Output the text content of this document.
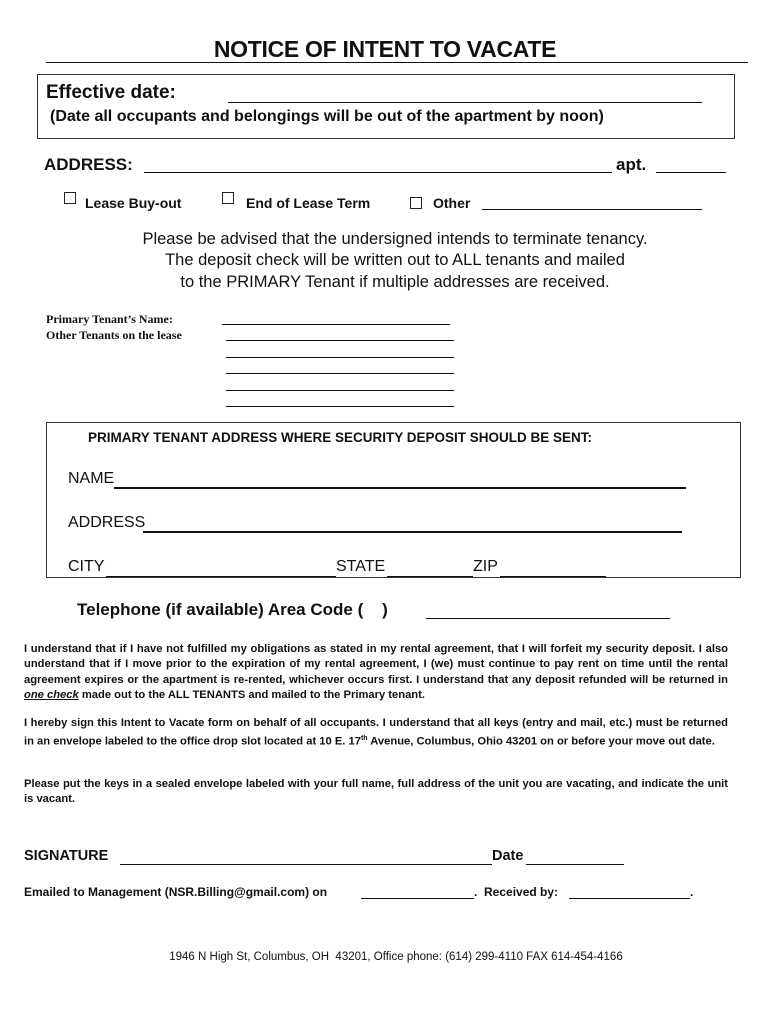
NOTICE OF INTENT TO VACATE
Effective date:
(Date all occupants and belongings will be out of the apartment by noon)
ADDRESS:	apt.
Lease Buy-out	End of Lease Term	Other
Please be advised that the undersigned intends to terminate tenancy.
The deposit check will be written out to ALL tenants and mailed
to the PRIMARY Tenant if multiple addresses are received.
Primary Tenant’s Name:
Other Tenants on the lease
PRIMARY TENANT ADDRESS WHERE SECURITY DEPOSIT SHOULD BE SENT:
NAME
ADDRESS
CITY	STATE	ZIP
Telephone (if available) Area Code (    )
I understand that if I have not fulfilled my obligations as stated in my rental agreement, that I will forfeit my security deposit. I also understand that if I move prior to the expiration of my rental agreement, I (we) must continue to pay rent on time until the rental agreement expires or the apartment is re-rented, whichever occurs first. I understand that any deposit refunded will be returned in one check made out to the ALL TENANTS and mailed to the Primary tenant.
I hereby sign this Intent to Vacate form on behalf of all occupants. I understand that all keys (entry and mail, etc.) must be returned in an envelope labeled to the office drop slot located at 10 E. 17th Avenue, Columbus, Ohio 43201 on or before your move out date.
Please put the keys in a sealed envelope labeled with your full name, full address of the unit you are vacating, and indicate the unit is vacant.
SIGNATURE	Date
Emailed to Management (NSR.Billing@gmail.com) on	.  Received by:	.
1946 N High St, Columbus, OH  43201, Office phone: (614) 299-4110 FAX 614-454-4166
